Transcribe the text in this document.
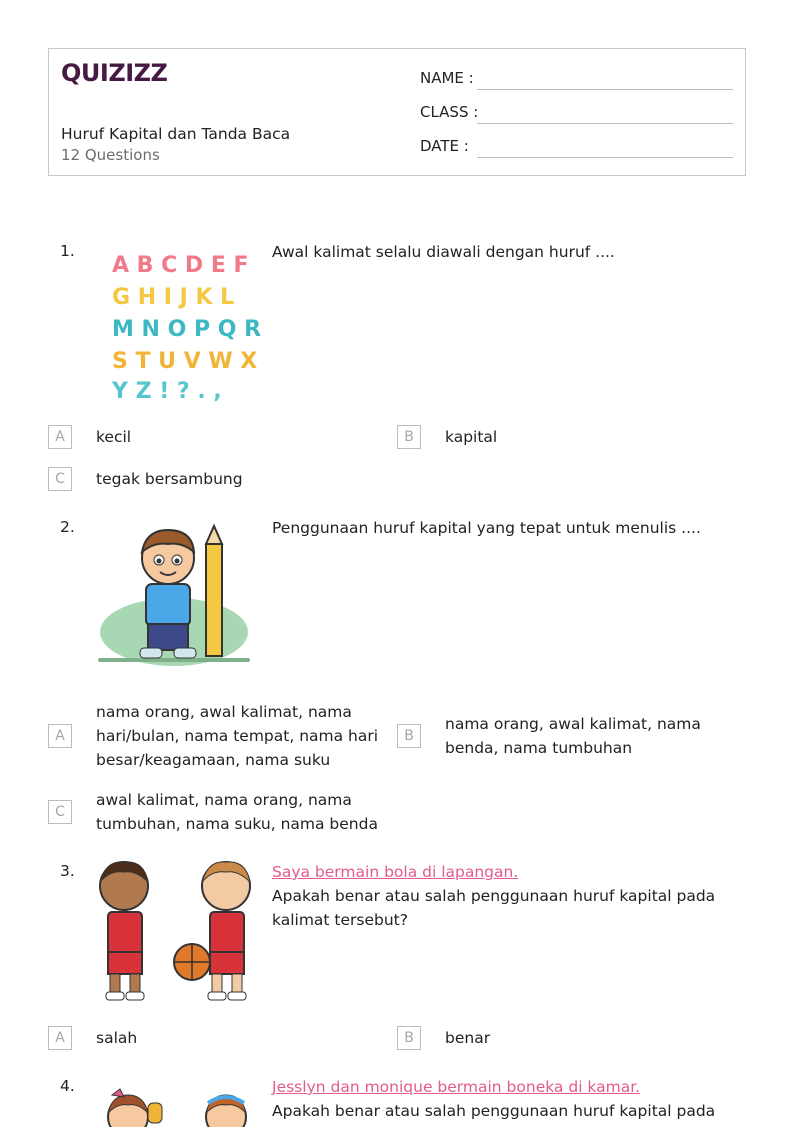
QUIZIZZ
Huruf Kapital dan Tanda Baca
12 Questions
NAME :
CLASS :
DATE :
1.
A B C D E F
G H I J K L
M N O P Q R
S T U V W X
Y Z ! ? . ,
Awal kalimat selalu diawali dengan huruf ....
A	kecil	B	kapital
C	tegak bersambung
2.	Penggunaan huruf kapital yang tepat untuk menulis ....
A
nama orang, awal kalimat, nama hari/bulan, nama tempat, nama hari besar/keagamaan, nama suku
B
nama orang, awal kalimat, nama benda, nama tumbuhan
C
awal kalimat, nama orang, nama tumbuhan, nama suku, nama benda
3.	Saya bermain bola di lapangan.
Apakah benar atau salah penggunaan huruf kapital pada kalimat tersebut?
A	salah	B	benar
4.	Jesslyn dan monique bermain boneka di kamar.
Apakah benar atau salah penggunaan huruf kapital pada
